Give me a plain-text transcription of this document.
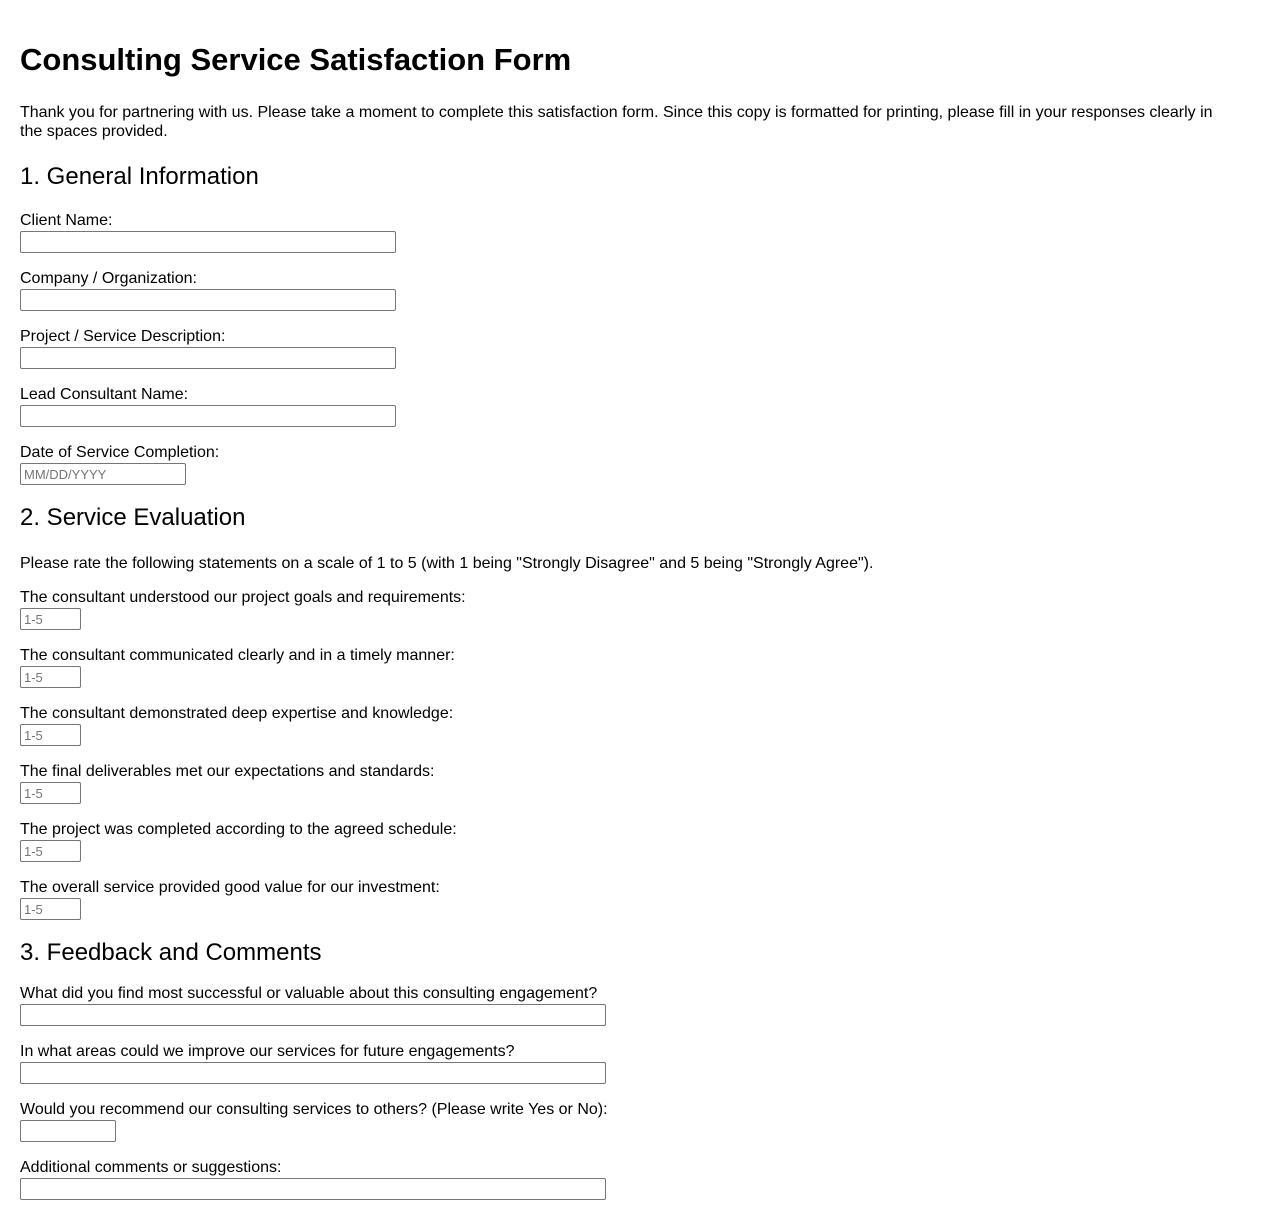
Consulting Service Satisfaction Form

Thank you for partnering with us. Please take a moment to complete this satisfaction form. Since this copy is formatted for printing, please fill in your responses clearly in the spaces provided.

1. General Information
Client Name:
Company / Organization:
Project / Service Description:
Lead Consultant Name:
Date of Service Completion:
MM/DD/YYYY
2. Service Evaluation

Please rate the following statements on a scale of 1 to 5 (with 1 being "Strongly Disagree" and 5 being "Strongly Agree").

The consultant understood our project goals and requirements:
1-5
The consultant communicated clearly and in a timely manner:
1-5
The consultant demonstrated deep expertise and knowledge:
1-5
The final deliverables met our expectations and standards:
1-5
The project was completed according to the agreed schedule:
1-5
The overall service provided good value for our investment:
1-5
3. Feedback and Comments
What did you find most successful or valuable about this consulting engagement?
In what areas could we improve our services for future engagements?
Would you recommend our consulting services to others? (Please write Yes or No):
Additional comments or suggestions:
